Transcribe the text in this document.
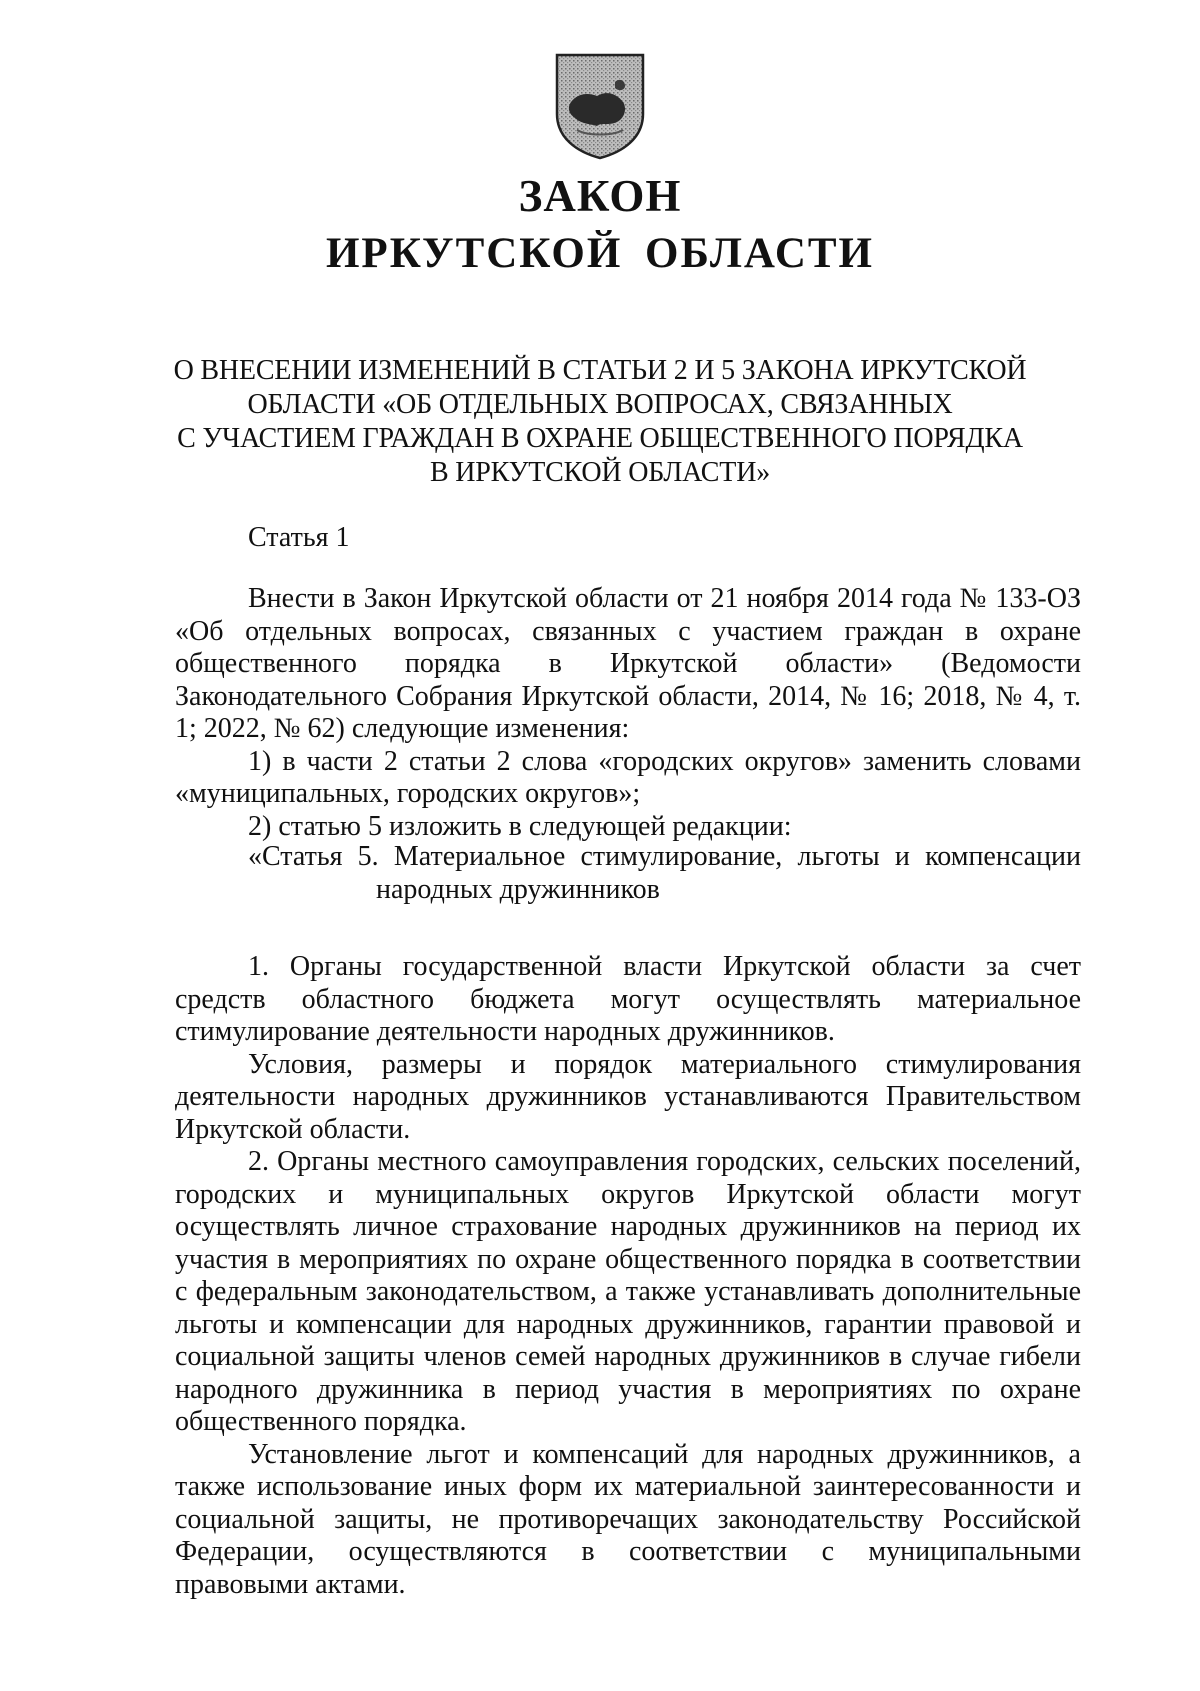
ЗАКОН
ИРКУТСКОЙ ОБЛАСТИ
О ВНЕСЕНИИ ИЗМЕНЕНИЙ В СТАТЬИ 2 И 5 ЗАКОНА ИРКУТСКОЙ
ОБЛАСТИ «ОБ ОТДЕЛЬНЫХ ВОПРОСАХ, СВЯЗАННЫХ
С УЧАСТИЕМ ГРАЖДАН В ОХРАНЕ ОБЩЕСТВЕННОГО ПОРЯДКА
В ИРКУТСКОЙ ОБЛАСТИ»
Статья 1

Внести в Закон Иркутской области от 21 ноября 2014 года № 133-ОЗ «Об отдельных вопросах, связанных с участием граждан в охране общественного порядка в Иркутской области» (Ведомости Законодательного Собрания Иркутской области, 2014, № 16; 2018, № 4, т. 1; 2022, № 62) следующие изменения:

1) в части 2 статьи 2 слова «городских округов» заменить словами «муниципальных, городских округов»;

2) статью 5 изложить в следующей редакции:

«Статья 5. Материальное стимулирование, льготы и компенсации
народных дружинников

1. Органы государственной власти Иркутской области за счет средств областного бюджета могут осуществлять материальное стимулирование деятельности народных дружинников.

Условия, размеры и порядок материального стимулирования деятельности народных дружинников устанавливаются Правительством Иркутской области.

2. Органы местного самоуправления городских, сельских поселений, городских и муниципальных округов Иркутской области могут осуществлять личное страхование народных дружинников на период их участия в мероприятиях по охране общественного порядка в соответствии с федеральным законодательством, а также устанавливать дополнительные льготы и компенсации для народных дружинников, гарантии правовой и социальной защиты членов семей народных дружинников в случае гибели народного дружинника в период участия в мероприятиях по охране общественного порядка.

Установление льгот и компенсаций для народных дружинников, а также использование иных форм их материальной заинтересованности и социальной защиты, не противоречащих законодательству Российской Федерации, осуществляются в соответствии с муниципальными правовыми актами.
